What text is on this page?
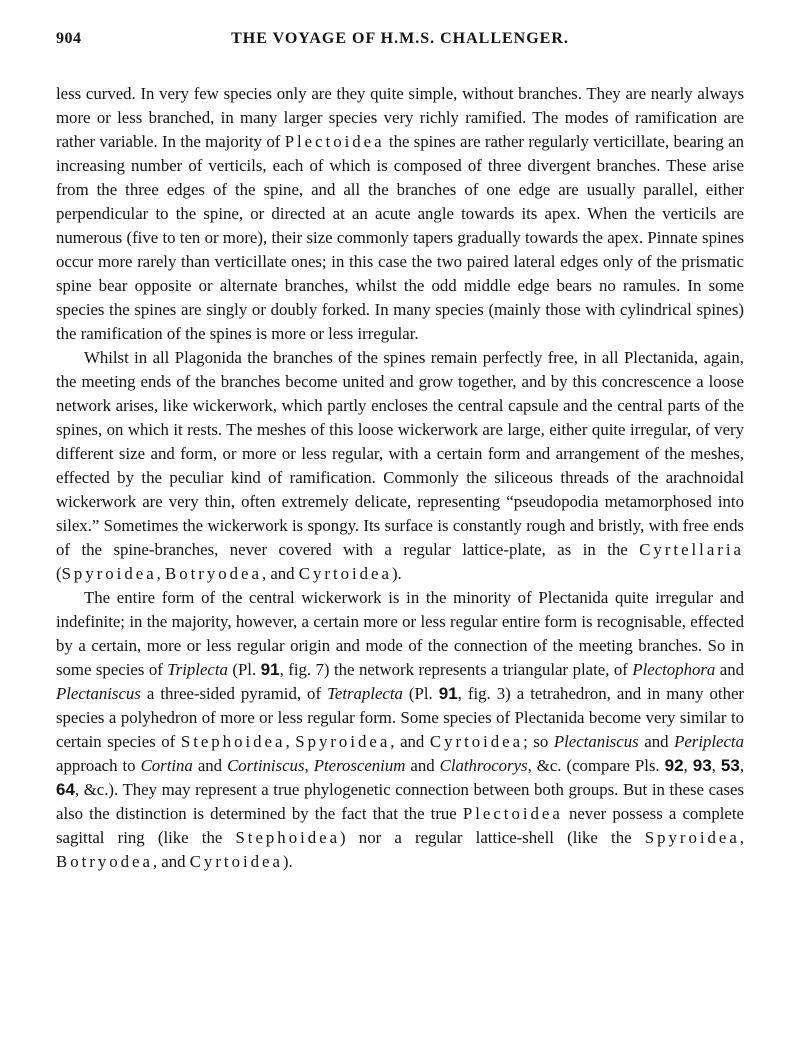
904	THE VOYAGE OF H.M.S. CHALLENGER.

less curved. In very few species only are they quite simple, without branches. They are nearly always more or less branched, in many larger species very richly ramified. The modes of ramification are rather variable. In the majority of Plectoidea the spines are rather regularly verticillate, bearing an increasing number of verticils, each of which is composed of three divergent branches. These arise from the three edges of the spine, and all the branches of one edge are usually parallel, either perpendicular to the spine, or directed at an acute angle towards its apex. When the verticils are numerous (five to ten or more), their size commonly tapers gradually towards the apex. Pinnate spines occur more rarely than verticillate ones; in this case the two paired lateral edges only of the prismatic spine bear opposite or alternate branches, whilst the odd middle edge bears no ramules. In some species the spines are singly or doubly forked. In many species (mainly those with cylindrical spines) the ramification of the spines is more or less irregular.

Whilst in all Plagonida the branches of the spines remain perfectly free, in all Plectanida, again, the meeting ends of the branches become united and grow together, and by this concrescence a loose network arises, like wickerwork, which partly encloses the central capsule and the central parts of the spines, on which it rests. The meshes of this loose wickerwork are large, either quite irregular, of very different size and form, or more or less regular, with a certain form and arrangement of the meshes, effected by the peculiar kind of ramification. Commonly the siliceous threads of the arachnoidal wickerwork are very thin, often extremely delicate, representing “pseudopodia metamorphosed into silex.” Sometimes the wickerwork is spongy. Its surface is constantly rough and bristly, with free ends of the spine-branches, never covered with a regular lattice-plate, as in the Cyrtellaria (Spyroidea, Botryodea, and Cyrtoidea).

The entire form of the central wickerwork is in the minority of Plectanida quite irregular and indefinite; in the majority, however, a certain more or less regular entire form is recognisable, effected by a certain, more or less regular origin and mode of the connection of the meeting branches. So in some species of Triplecta (Pl. 91, fig. 7) the network represents a triangular plate, of Plectophora and Plectaniscus a three-sided pyramid, of Tetraplecta (Pl. 91, fig. 3) a tetrahedron, and in many other species a polyhedron of more or less regular form. Some species of Plectanida become very similar to certain species of Stephoidea, Spyroidea, and Cyrtoidea; so Plectaniscus and Periplecta approach to Cortina and Cortiniscus, Pteroscenium and Clathrocorys, &c. (compare Pls. 92, 93, 53, 64, &c.). They may represent a true phylogenetic connection between both groups. But in these cases also the distinction is determined by the fact that the true Plectoidea never possess a complete sagittal ring (like the Stephoidea) nor a regular lattice-shell (like the Spyroidea, Botryodea, and Cyrtoidea).
